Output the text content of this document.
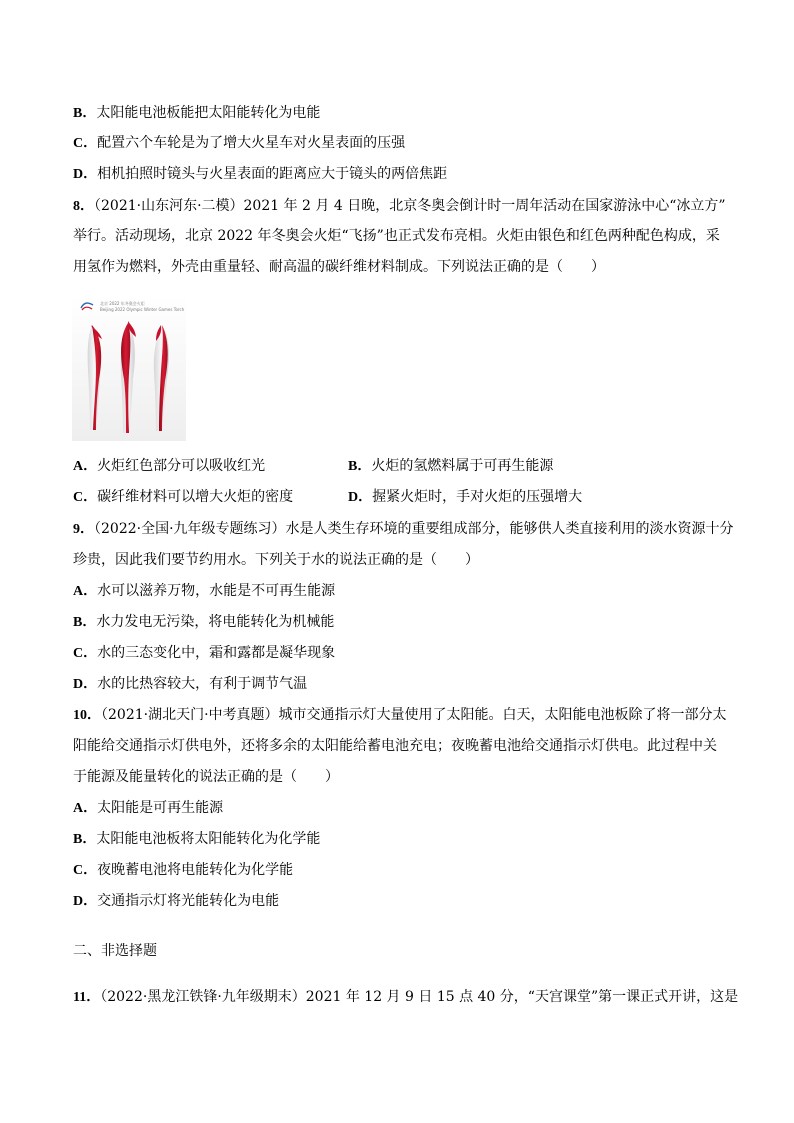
B．太阳能电池板能把太阳能转化为电能
C．配置六个车轮是为了增大火星车对火星表面的压强
D．相机拍照时镜头与火星表面的距离应大于镜头的两倍焦距
8．（2021·山东河东·二模）2021 年 2 月 4 日晚，北京冬奥会倒计时一周年活动在国家游泳中心“冰立方”
举行。活动现场，北京 2022 年冬奥会火炬“飞扬”也正式发布亮相。火炬由银色和红色两种配色构成，采
用氢作为燃料，外壳由重量轻、耐高温的碳纤维材料制成。下列说法正确的是（　　）
北京 2022 年冬奥会火炬
Beijing 2022 Olympic Winter Games Torch
A．火炬红色部分可以吸收红光	B．火炬的氢燃料属于可再生能源
C．碳纤维材料可以增大火炬的密度	D．握紧火炬时，手对火炬的压强增大
9．（2022·全国·九年级专题练习）水是人类生存环境的重要组成部分，能够供人类直接利用的淡水资源十分
珍贵，因此我们要节约用水。下列关于水的说法正确的是（　　）
A．水可以滋养万物，水能是不可再生能源
B．水力发电无污染，将电能转化为机械能
C．水的三态变化中，霜和露都是凝华现象
D．水的比热容较大，有利于调节气温
10．（2021·湖北天门·中考真题）城市交通指示灯大量使用了太阳能。白天，太阳能电池板除了将一部分太
阳能给交通指示灯供电外，还将多余的太阳能给蓄电池充电；夜晚蓄电池给交通指示灯供电。此过程中关
于能源及能量转化的说法正确的是（　　）
A．太阳能是可再生能源
B．太阳能电池板将太阳能转化为化学能
C．夜晚蓄电池将电能转化为化学能
D．交通指示灯将光能转化为电能
二、非选择题
11．（2022·黑龙江铁锋·九年级期末）2021 年 12 月 9 日 15 点 40 分，“天宫课堂”第一课正式开讲，这是
